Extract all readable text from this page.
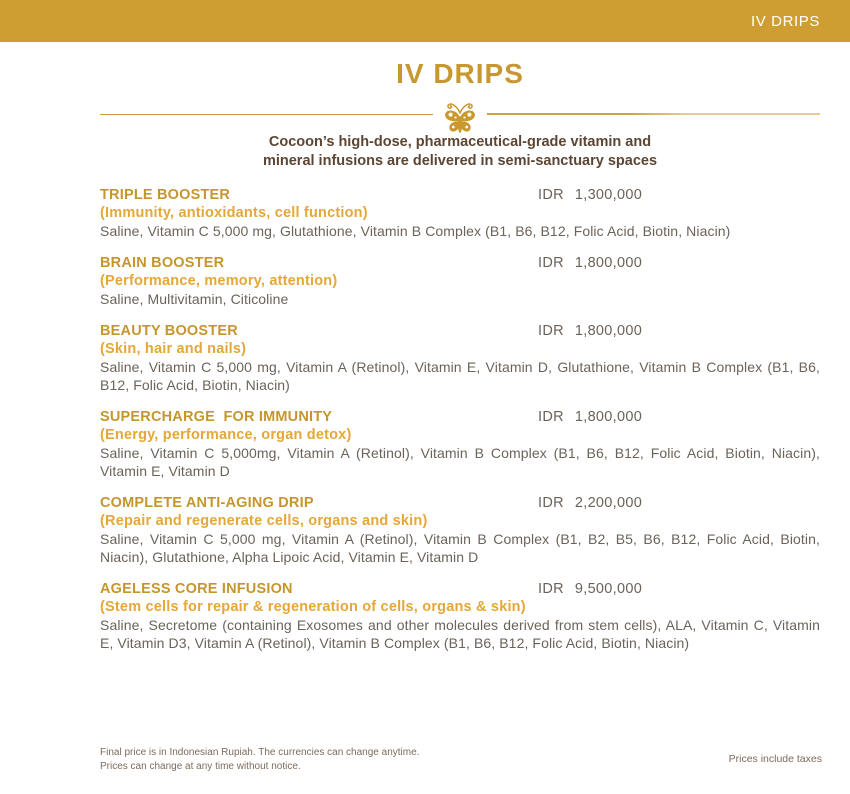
IV DRIPS
IV DRIPS
Cocoon’s high-dose, pharmaceutical-grade vitamin and
mineral infusions are delivered in semi-sanctuary spaces
TRIPLE BOOSTER	IDR 1,300,000
(Immunity, antioxidants, cell function)
Saline, Vitamin C 5,000 mg, Glutathione, Vitamin B Complex (B1, B6, B12, Folic Acid, Biotin, Niacin)
BRAIN BOOSTER	IDR 1,800,000
(Performance, memory, attention)
Saline, Multivitamin, Citicoline
BEAUTY BOOSTER	IDR 1,800,000
(Skin, hair and nails)
Saline, Vitamin C 5,000 mg, Vitamin A (Retinol), Vitamin E, Vitamin D, Glutathione, Vitamin B Complex (B1, B6, B12, Folic Acid, Biotin, Niacin)
SUPERCHARGE  FOR IMMUNITY	IDR 1,800,000
(Energy, performance, organ detox)
Saline, Vitamin C 5,000mg, Vitamin A (Retinol), Vitamin B Complex (B1, B6, B12, Folic Acid, Biotin, Niacin), Vitamin E, Vitamin D
COMPLETE ANTI-AGING DRIP	IDR 2,200,000
(Repair and regenerate cells, organs and skin)
Saline, Vitamin C 5,000 mg, Vitamin A (Retinol), Vitamin B Complex (B1, B2, B5, B6, B12, Folic Acid, Biotin, Niacin), Glutathione, Alpha Lipoic Acid, Vitamin E, Vitamin D
AGELESS CORE INFUSION	IDR 9,500,000
(Stem cells for repair & regeneration of cells, organs & skin)
Saline, Secretome (containing Exosomes and other molecules derived from stem cells), ALA, Vitamin C, Vitamin E, Vitamin D3, Vitamin A (Retinol), Vitamin B Complex (B1, B6, B12, Folic Acid, Biotin, Niacin)
Final price is in Indonesian Rupiah. The currencies can change anytime.
Prices can change at any time without notice.
Prices include taxes
